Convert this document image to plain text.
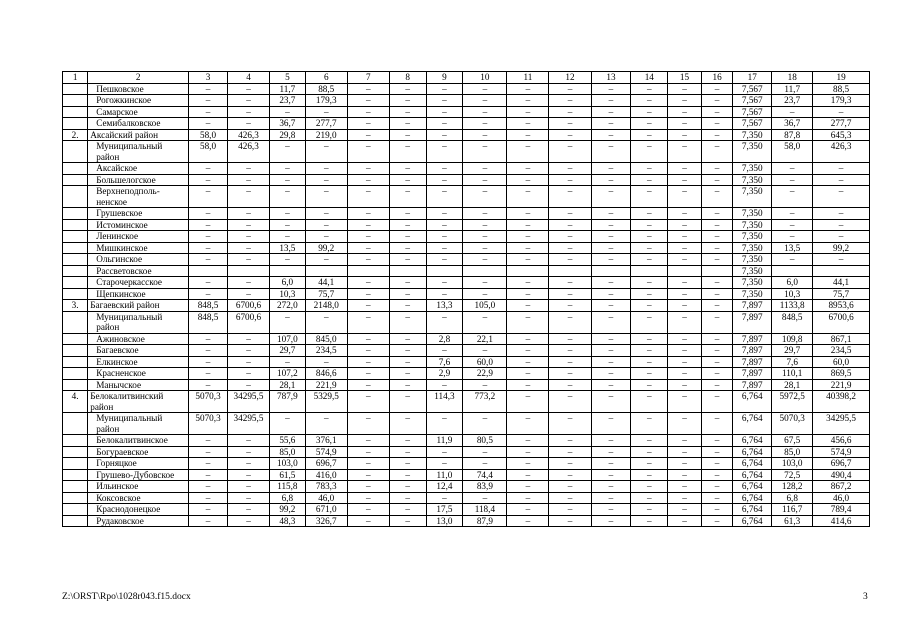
1	2	3	4	5	6	7	8	9	10	11	12	13	14	15	16	17	18	19
	Пешковское	–	–	11,7	88,5	–	–	–	–	–	–	–	–	–	–	7,567	11,7	88,5
	Рогожкинское	–	–	23,7	179,3	–	–	–	–	–	–	–	–	–	–	7,567	23,7	179,3
	Самарское	–	–	–	–	–	–	–	–	–	–	–	–	–	–	7,567	–	–
	Семибалковское	–	–	36,7	277,7	–	–	–	–	–	–	–	–	–	–	7,567	36,7	277,7
2.	Аксайский район	58,0	426,3	29,8	219,0	–	–	–	–	–	–	–	–	–	–	7,350	87,8	645,3
	Муниципальный район	58,0	426,3	–	–	–	–	–	–	–	–	–	–	–	–	7,350	58,0	426,3
	Аксайское	–	–	–	–	–	–	–	–	–	–	–	–	–	–	7,350	–	–
	Большелогское	–	–	–	–	–	–	–	–	–	–	–	–	–	–	7,350	–	–
	Верхнеподполь-ненское	–	–	–	–	–	–	–	–	–	–	–	–	–	–	7,350	–	–
	Грушевское	–	–	–	–	–	–	–	–	–	–	–	–	–	–	7,350	–	–
	Истоминское	–	–	–	–	–	–	–	–	–	–	–	–	–	–	7,350	–	–
	Ленинское	–	–	–	–	–	–	–	–	–	–	–	–	–	–	7,350	–	–
	Мишкинское	–	–	13,5	99,2	–	–	–	–	–	–	–	–	–	–	7,350	13,5	99,2
	Ольгинское	–	–	–	–	–	–	–	–	–	–	–	–	–	–	7,350	–	–
	Рассветовское															7,350		
	Старочеркасское	–	–	6,0	44,1	–	–	–	–	–	–	–	–	–	–	7,350	6,0	44,1
	Щепкинское	–	–	10,3	75,7	–	–	–	–	–	–	–	–	–	–	7,350	10,3	75,7
3.	Багаевский район	848,5	6700,6	272,0	2148,0	–	–	13,3	105,0	–	–	–	–	–	–	7,897	1133,8	8953,6
	Муниципальный район	848,5	6700,6	–	–	–	–	–	–	–	–	–	–	–	–	7,897	848,5	6700,6
	Ажиновское	–	–	107,0	845,0	–	–	2,8	22,1	–	–	–	–	–	–	7,897	109,8	867,1
	Багаевское	–	–	29,7	234,5	–	–	–	–	–	–	–	–	–	–	7,897	29,7	234,5
	Елкинское	–	–	–	–	–	–	7,6	60,0	–	–	–	–	–	–	7,897	7,6	60,0
	Красненское	–	–	107,2	846,6	–	–	2,9	22,9	–	–	–	–	–	–	7,897	110,1	869,5
	Манычское	–	–	28,1	221,9	–	–	–	–	–	–	–	–	–	–	7,897	28,1	221,9
4.	Белокалитвинский район	5070,3	34295,5	787,9	5329,5	–	–	114,3	773,2	–	–	–	–	–	–	6,764	5972,5	40398,2
	Муниципальный район	5070,3	34295,5	–	–	–	–	–	–	–	–	–	–	–	–	6,764	5070,3	34295,5
	Белокалитвинское	–	–	55,6	376,1	–	–	11,9	80,5	–	–	–	–	–	–	6,764	67,5	456,6
	Богураевское	–	–	85,0	574,9	–	–	–	–	–	–	–	–	–	–	6,764	85,0	574,9
	Горняцкое	–	–	103,0	696,7	–	–	–	–	–	–	–	–	–	–	6,764	103,0	696,7
	Грушево-Дубовское	–	–	61,5	416,0	–	–	11,0	74,4	–	–	–	–	–	–	6,764	72,5	490,4
	Ильинское	–	–	115,8	783,3	–	–	12,4	83,9	–	–	–	–	–	–	6,764	128,2	867,2
	Коксовское	–	–	6,8	46,0	–	–	–	–	–	–	–	–	–	–	6,764	6,8	46,0
	Краснодонецкое	–	–	99,2	671,0	–	–	17,5	118,4	–	–	–	–	–	–	6,764	116,7	789,4
	Рудаковское	–	–	48,3	326,7	–	–	13,0	87,9	–	–	–	–	–	–	6,764	61,3	414,6
Z:\ORST\Rpo\1028r043.f15.docx	3
